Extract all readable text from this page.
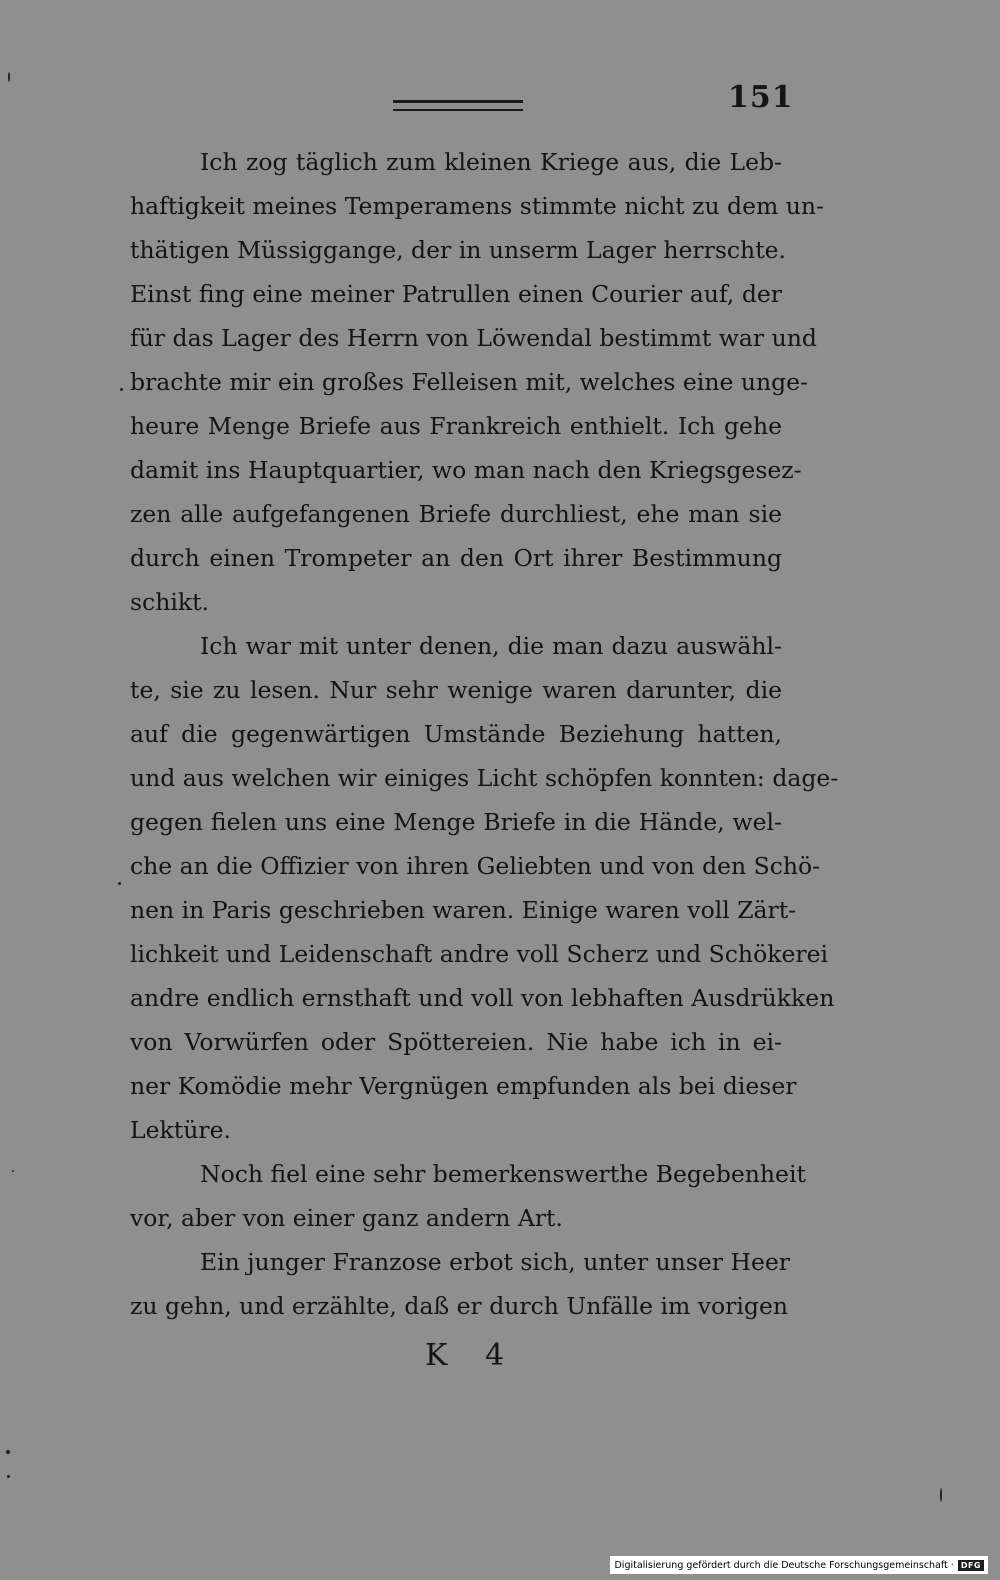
151
Ich zog täglich zum kleinen Kriege aus, die Leb-
haftigkeit meines Temperamens stimmte nicht zu dem un-
thätigen Müssiggange, der in unserm Lager herrschte.
Einst fing eine meiner Patrullen einen Courier auf, der
für das Lager des Herrn von Löwendal bestimmt war und
brachte mir ein großes Felleisen mit, welches eine unge-
heure Menge Briefe aus Frankreich enthielt. Ich gehe
damit ins Hauptquartier, wo man nach den Kriegsgesez-
zen alle aufgefangenen Briefe durchliest, ehe man sie
durch einen Trompeter an den Ort ihrer Bestimmung
schikt.
Ich war mit unter denen, die man dazu auswähl-
te, sie zu lesen. Nur sehr wenige waren darunter, die
auf die gegenwärtigen Umstände Beziehung hatten,
und aus welchen wir einiges Licht schöpfen konnten: dage-
gegen fielen uns eine Menge Briefe in die Hände, wel-
che an die Offizier von ihren Geliebten und von den Schö-
nen in Paris geschrieben waren. Einige waren voll Zärt-
lichkeit und Leidenschaft andre voll Scherz und Schökerei
andre endlich ernsthaft und voll von lebhaften Ausdrükken
von Vorwürfen oder Spöttereien. Nie habe ich in ei-
ner Komödie mehr Vergnügen empfunden als bei dieser
Lektüre.
Noch fiel eine sehr bemerkenswerthe Begebenheit
vor, aber von einer ganz andern Art.
Ein junger Franzose erbot sich, unter unser Heer
zu gehn, und erzählte, daß er durch Unfälle im vorigen
K 4
Digitalisierung gefördert durch die Deutsche Forschungsgemeinschaft · DFG
